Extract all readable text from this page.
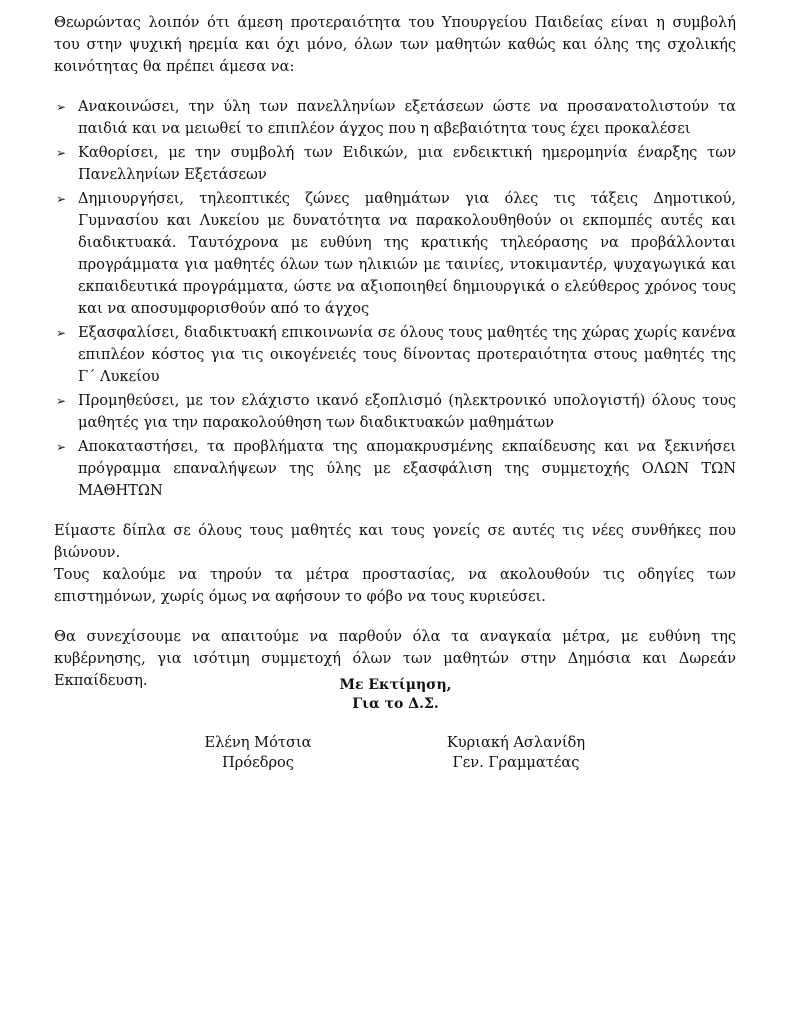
Θεωρώντας λοιπόν ότι άμεση προτεραιότητα του Υπουργείου Παιδείας είναι η συμβολή του στην ψυχική ηρεμία και όχι μόνο, όλων των μαθητών καθώς και όλης της σχολικής κοινότητας θα πρέπει άμεσα να:

➢ Ανακοινώσει, την ύλη των πανελληνίων εξετάσεων ώστε να προσανατολιστούν τα παιδιά και να μειωθεί το επιπλέον άγχος που η αβεβαιότητα τους έχει προκαλέσει
➢ Καθορίσει, με την συμβολή των Ειδικών, μια ενδεικτική ημερομηνία έναρξης των Πανελληνίων Εξετάσεων
➢ Δημιουργήσει, τηλεοπτικές ζώνες μαθημάτων για όλες τις τάξεις Δημοτικού, Γυμνασίου και Λυκείου με δυνατότητα να παρακολουθηθούν οι εκπομπές αυτές και διαδικτυακά. Ταυτόχρονα με ευθύνη της κρατικής τηλεόρασης να προβάλλονται προγράμματα για μαθητές όλων των ηλικιών με ταινίες, ντοκιμαντέρ, ψυχαγωγικά και εκπαιδευτικά προγράμματα, ώστε να αξιοποιηθεί δημιουργικά ο ελεύθερος χρόνος τους και να αποσυμφορισθούν από το άγχος
➢ Εξασφαλίσει, διαδικτυακή επικοινωνία σε όλους τους μαθητές της χώρας χωρίς κανένα επιπλέον κόστος για τις οικογένειές τους δίνοντας προτεραιότητα στους μαθητές της Γ΄ Λυκείου
➢ Προμηθεύσει, με τον ελάχιστο ικανό εξοπλισμό (ηλεκτρονικό υπολογιστή) όλους τους μαθητές για την παρακολούθηση των διαδικτυακών μαθημάτων
➢ Αποκαταστήσει, τα προβλήματα της απομακρυσμένης εκπαίδευσης και να ξεκινήσει πρόγραμμα επαναλήψεων της ύλης με εξασφάλιση της συμμετοχής ΟΛΩΝ ΤΩΝ ΜΑΘΗΤΩΝ

Είμαστε δίπλα σε όλους τους μαθητές και τους γονείς σε αυτές τις νέες συνθήκες που βιώνουν.

Τους καλούμε να τηρούν τα μέτρα προστασίας, να ακολουθούν τις οδηγίες των επιστημόνων, χωρίς όμως να αφήσουν το φόβο να τους κυριεύσει.

Θα συνεχίσουμε να απαιτούμε να παρθούν όλα τα αναγκαία μέτρα, με ευθύνη της κυβέρνησης, για ισότιμη συμμετοχή όλων των μαθητών στην Δημόσια και Δωρεάν Εκπαίδευση.	Με Εκτίμηση,
Για το Δ.Σ.
Ελένη Μότσια
Πρόεδρος
Κυριακή Ασλανίδη
Γεν. Γραμματέας
